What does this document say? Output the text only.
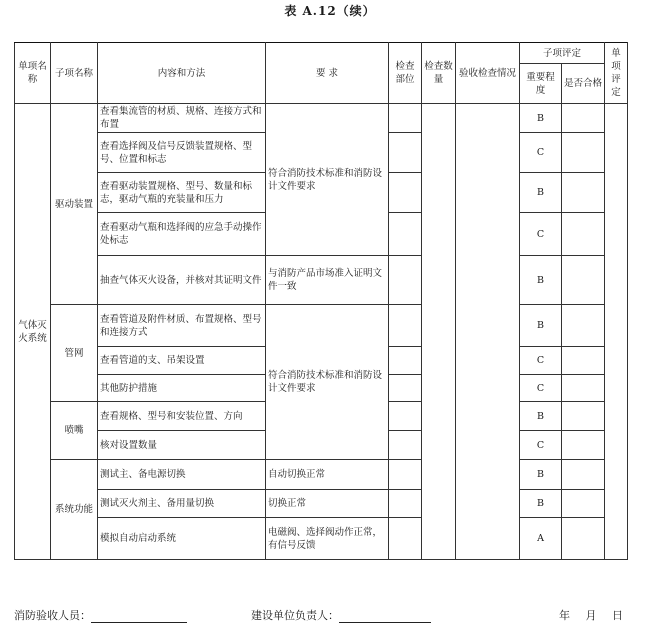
表 A.12（续）
单项名称	子项名称	内容和方法	要 求	检查部位	检查数量	验收检查情况	子项评定		单项评定
							重要程度	是否合格	
气体灭火系统	驱动装置	查看集流管的材质、规格、连接方式和布置	符合消防技术标准和消防设计文件要求				B		
		查看选择阀及信号反馈装置规格、型号、位置和标志					C		
		查看驱动装置规格、型号、数量和标志，驱动气瓶的充装量和压力					B		
		查看驱动气瓶和选择阀的应急手动操作处标志					C		
		抽查气体灭火设备，并核对其证明文件	与消防产品市场准入证明文件一致				B		
	管网	查看管道及附件材质、布置规格、型号和连接方式	符合消防技术标准和消防设计文件要求				B		
		查看管道的支、吊架设置					C		
		其他防护措施					C		
	喷嘴	查看规格、型号和安装位置、方向					B		
		核对设置数量					C		
	系统功能	测试主、备电源切换	自动切换正常				B		
		测试灭火剂主、备用量切换	切换正常				B		
		模拟自动启动系统	电磁阀、选择阀动作正常，有信号反馈				A		
消防验收人员：	建设单位负责人：	年 月 日
